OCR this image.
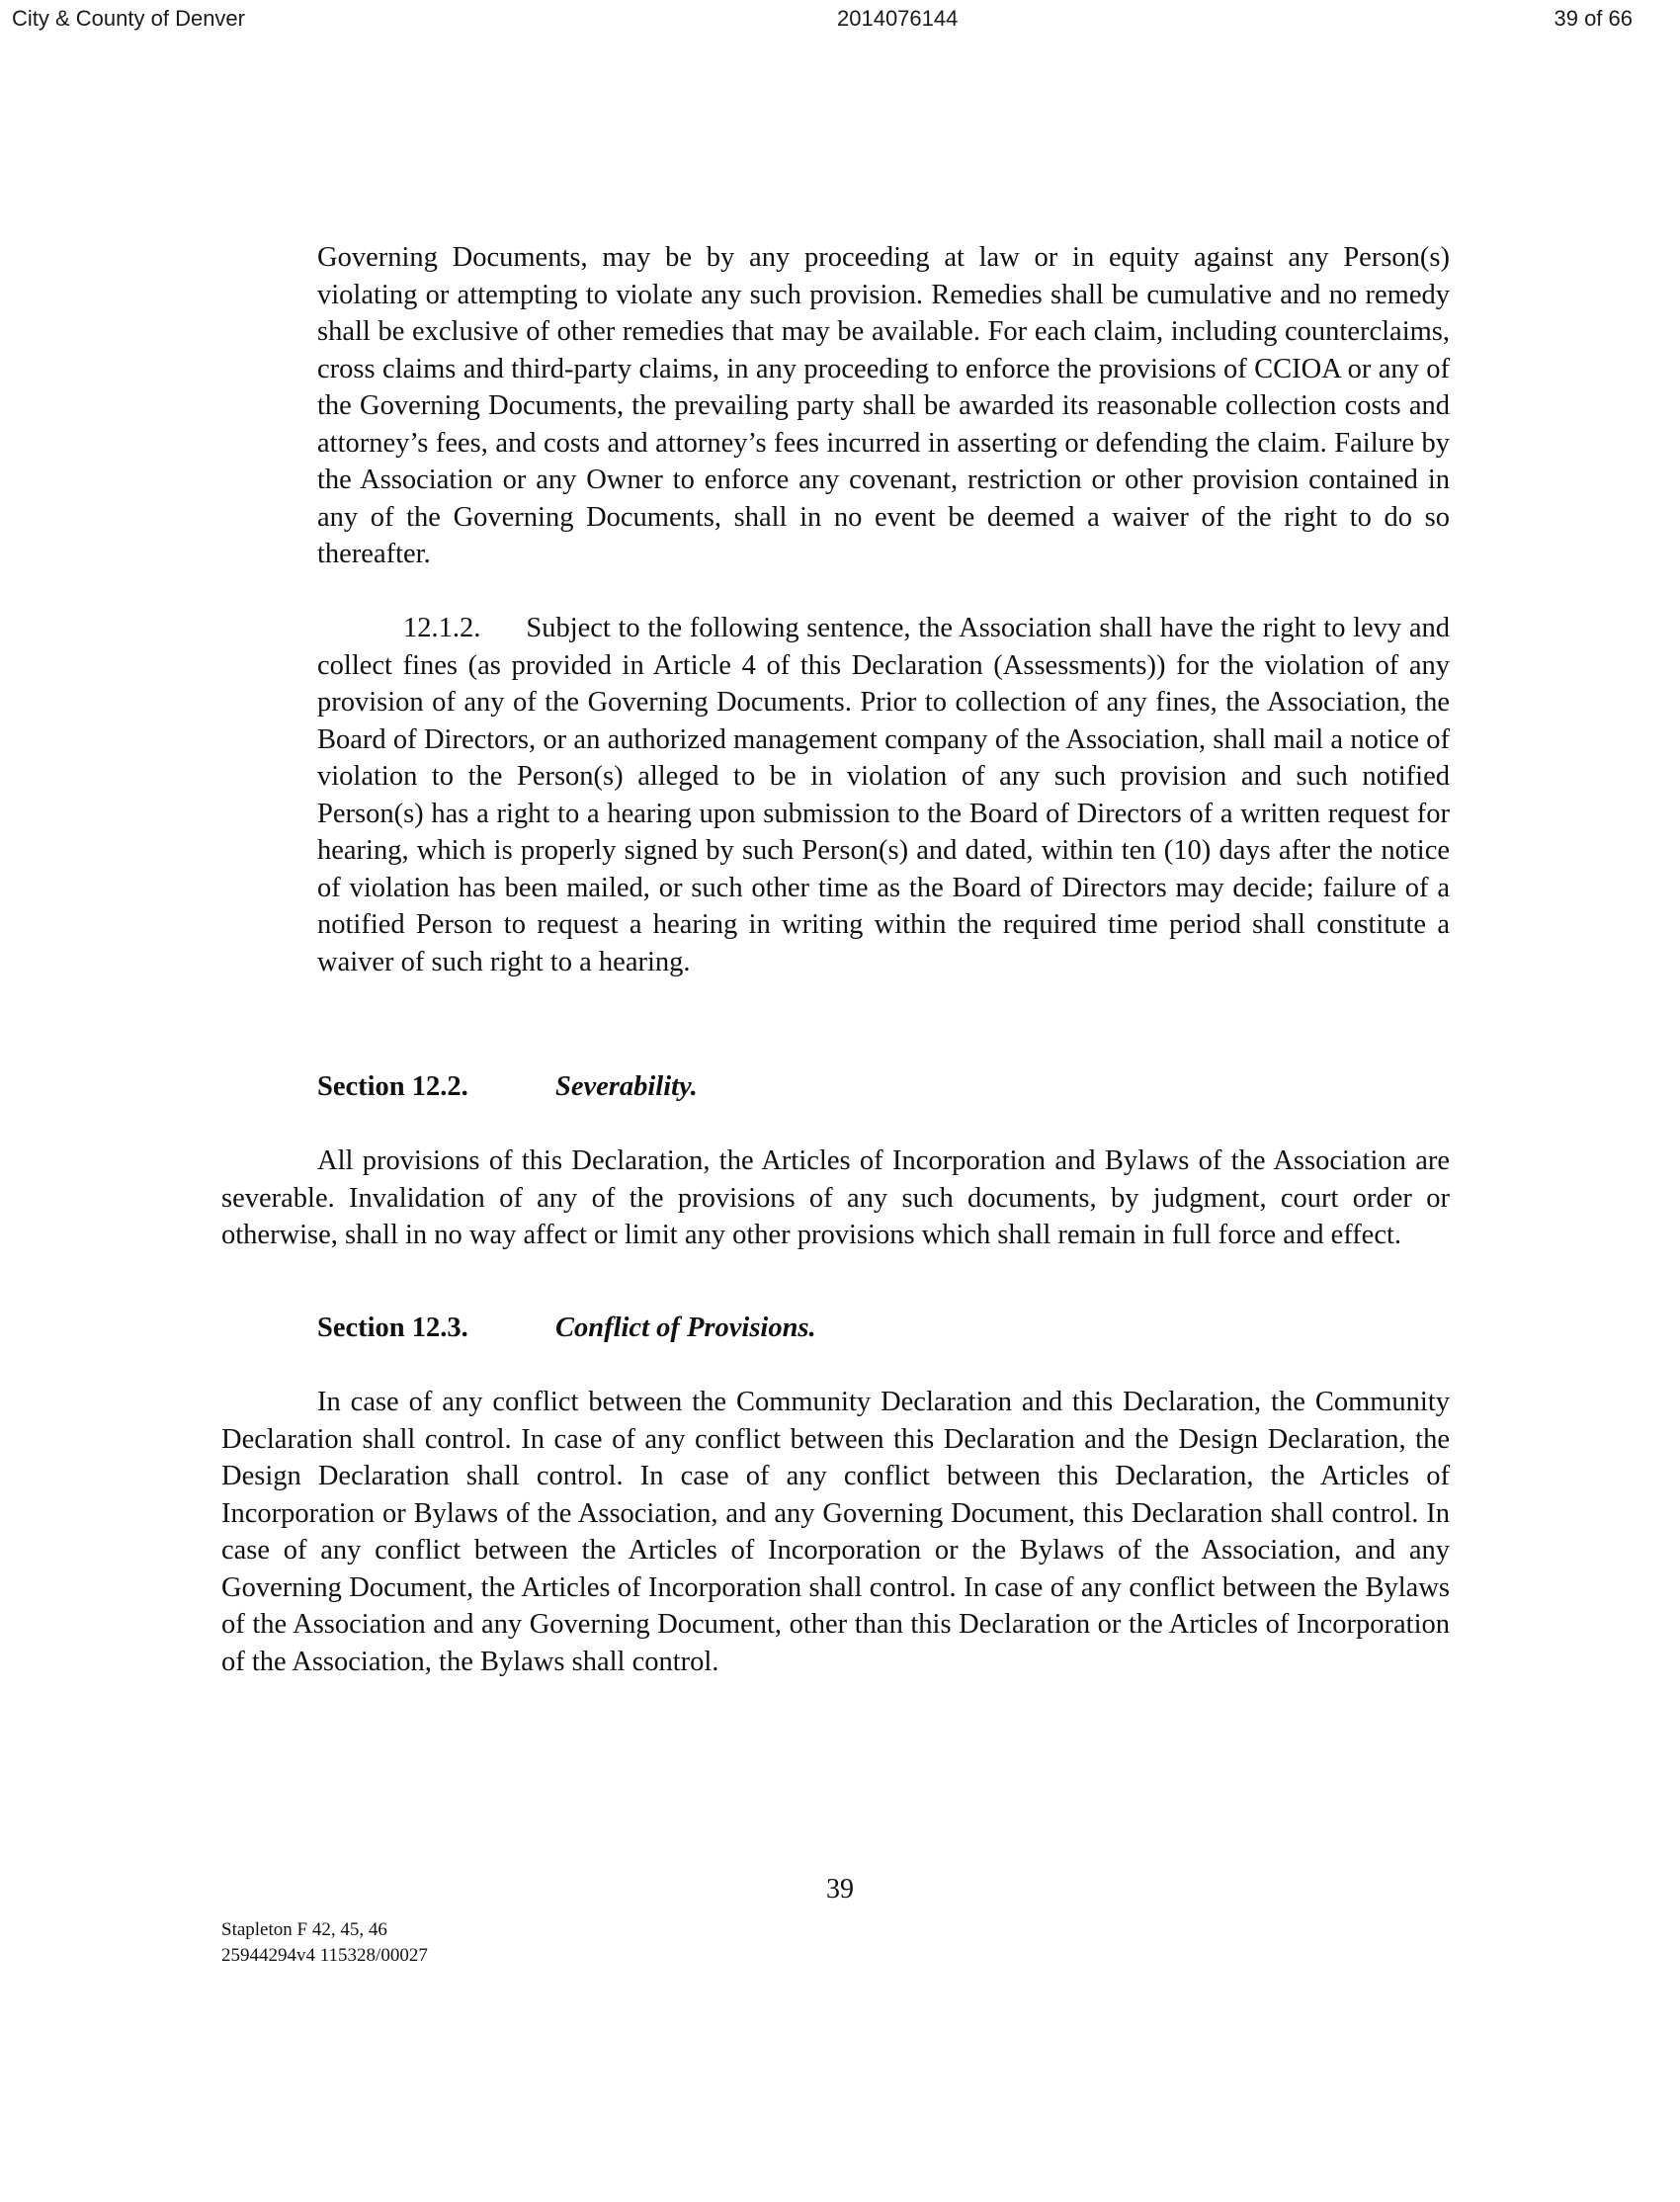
City & County of Denver	2014076144	39 of 66

Governing Documents, may be by any proceeding at law or in equity against any Person(s) violating or attempting to violate any such provision. Remedies shall be cumulative and no remedy shall be exclusive of other remedies that may be available. For each claim, including counterclaims, cross claims and third-party claims, in any proceeding to enforce the provisions of CCIOA or any of the Governing Documents, the prevailing party shall be awarded its reasonable collection costs and attorney’s fees, and costs and attorney’s fees incurred in asserting or defending the claim. Failure by the Association or any Owner to enforce any covenant, restriction or other provision contained in any of the Governing Documents, shall in no event be deemed a waiver of the right to do so thereafter.

12.1.2.      Subject to the following sentence, the Association shall have the right to levy and collect fines (as provided in Article 4 of this Declaration (Assessments)) for the violation of any provision of any of the Governing Documents. Prior to collection of any fines, the Association, the Board of Directors, or an authorized management company of the Association, shall mail a notice of violation to the Person(s) alleged to be in violation of any such provision and such notified Person(s) has a right to a hearing upon submission to the Board of Directors of a written request for hearing, which is properly signed by such Person(s) and dated, within ten (10) days after the notice of violation has been mailed, or such other time as the Board of Directors may decide; failure of a notified Person to request a hearing in writing within the required time period shall constitute a waiver of such right to a hearing.

Section 12.2.	Severability.

All provisions of this Declaration, the Articles of Incorporation and Bylaws of the Association are severable. Invalidation of any of the provisions of any such documents, by judgment, court order or otherwise, shall in no way affect or limit any other provisions which shall remain in full force and effect.

Section 12.3.	Conflict of Provisions.

In case of any conflict between the Community Declaration and this Declaration, the Community Declaration shall control. In case of any conflict between this Declaration and the Design Declaration, the Design Declaration shall control. In case of any conflict between this Declaration, the Articles of Incorporation or Bylaws of the Association, and any Governing Document, this Declaration shall control. In case of any conflict between the Articles of Incorporation or the Bylaws of the Association, and any Governing Document, the Articles of Incorporation shall control. In case of any conflict between the Bylaws of the Association and any Governing Document, other than this Declaration or the Articles of Incorporation of the Association, the Bylaws shall control.

39
Stapleton F 42, 45, 46
25944294v4 115328/00027
